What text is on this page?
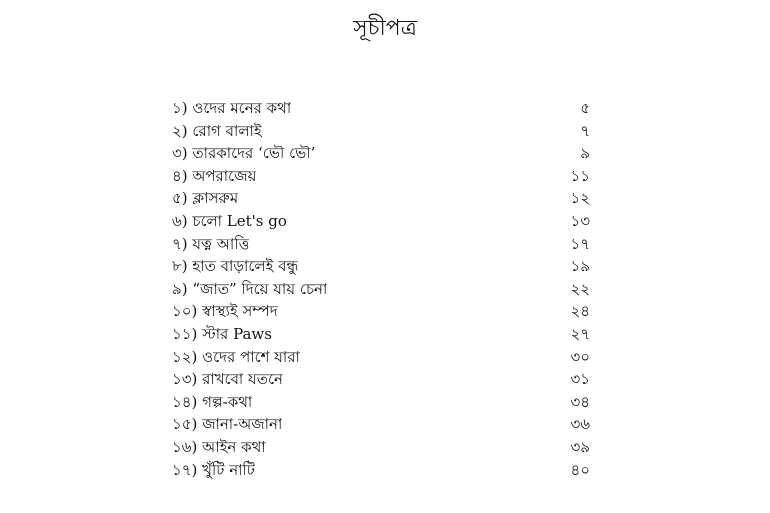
সূচীপত্র
১) ওদের মনের কথা	৫
২) রোগ বালাই	৭
৩) তারকাদের ‘ভৌ ভৌ’	৯
৪) অপরাজেয়	১১
৫) ক্লাসরুম	১২
৬) চলো Let's go	১৩
৭) যত্ন আত্তি	১৭
৮) হাত বাড়ালেই বন্ধু	১৯
৯) “জাত” দিয়ে যায় চেনা	২২
১০) স্বাস্থ্যই সম্পদ	২৪
১১) স্টার Paws	২৭
১২) ওদের পাশে যারা	৩০
১৩) রাখবো যতনে	৩১
১৪) গল্প-কথা	৩৪
১৫) জানা-অজানা	৩৬
১৬) আইন কথা	৩৯
১৭) খুঁটি নাটি	৪০
